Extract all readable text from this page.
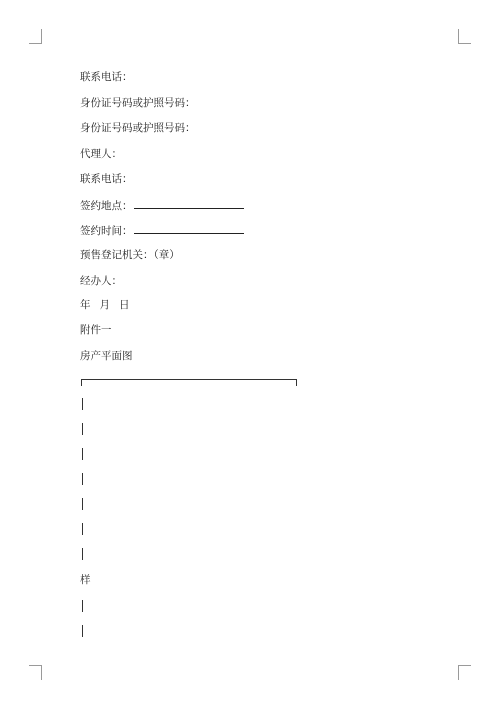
联系电话：
身份证号码或护照号码：
身份证号码或护照号码：
代理人：
联系电话：
签约地点：
签约时间：
预售登记机关：（章）
经办人：
年 月 日
附件一
房产平面图
样
